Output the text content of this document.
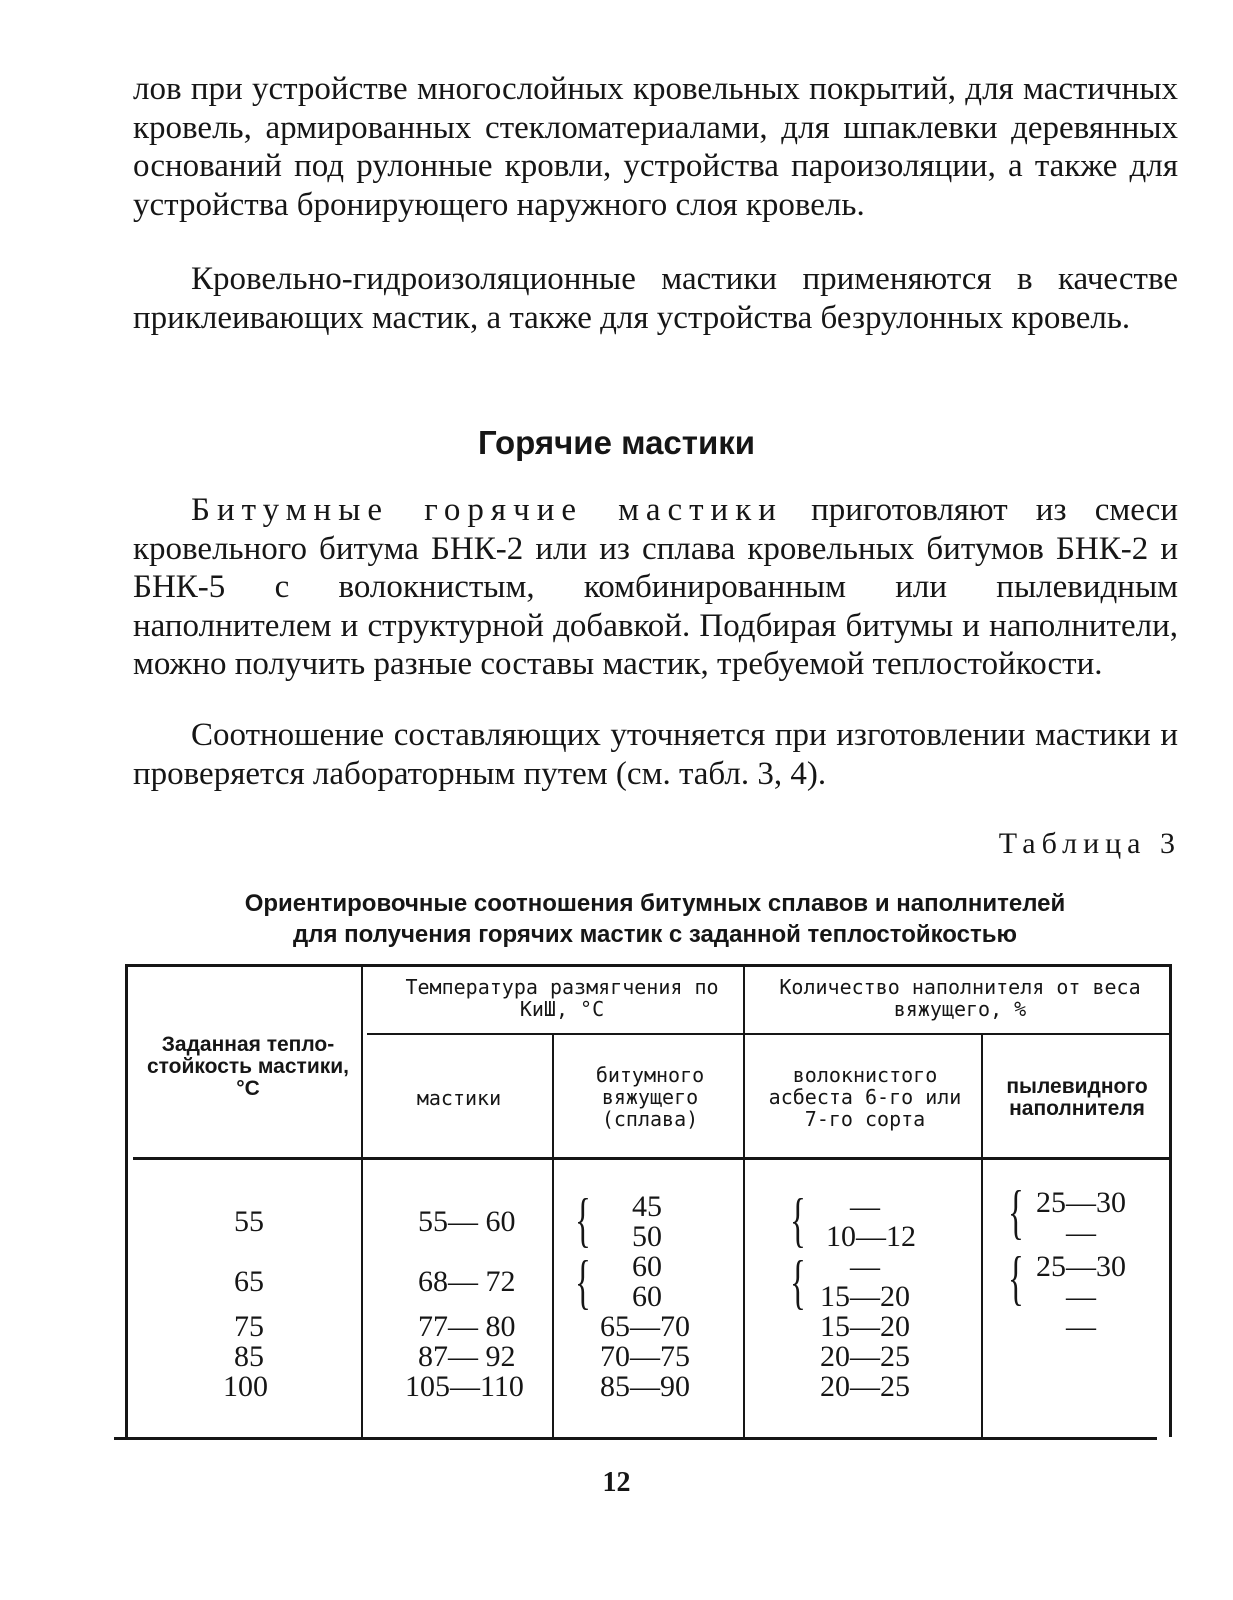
лов при устройстве многослойных кровельных покрытий, для мастичных кровель, армированных стекломатериалами, для шпаклевки деревянных оснований под рулонные кровли, устройства пароизоляции, а также для устройства бронирующего наружного слоя кровель.

Кровельно-гидроизоляционные мастики применяются в качестве приклеивающих мастик, а также для устройства безрулонных кровель.

Горячие мастики

Битумные горячие мастики приготовляют из смеси кровельного битума БНК-2 или из сплава кровельных битумов БНК-2 и БНК-5 с волокнистым, комбинированным или пылевидным наполнителем и структурной добавкой. Подбирая битумы и наполнители, можно получить разные составы мастик, требуемой теплостойкости.

Соотношение составляющих уточняется при изготовлении мастики и проверяется лабораторным путем (см. табл. 3, 4).

Таблица 3

Ориентировочные соотношения битумных сплавов и наполнителей
для получения горячих мастик с заданной теплостойкостью

Заданная тепло-стойкость мастики, °С
Температура размягчения по КиШ, °С
Количество наполнителя от веса вяжущего, %
мастики
битумного вяжущего (сплава)
волокнистого асбеста 6-го или 7-го сорта
пылевидного наполнителя
55
65
75
85
100
55— 60
68— 72
77— 80
87— 92
105—110
{ 45
50
{ 60
60
65—70
70—75
85—90
{ —
10—12
{ —
15—20
15—20
20—25
20—25
{ 25—30
—
{ 25—30
—
—
12
